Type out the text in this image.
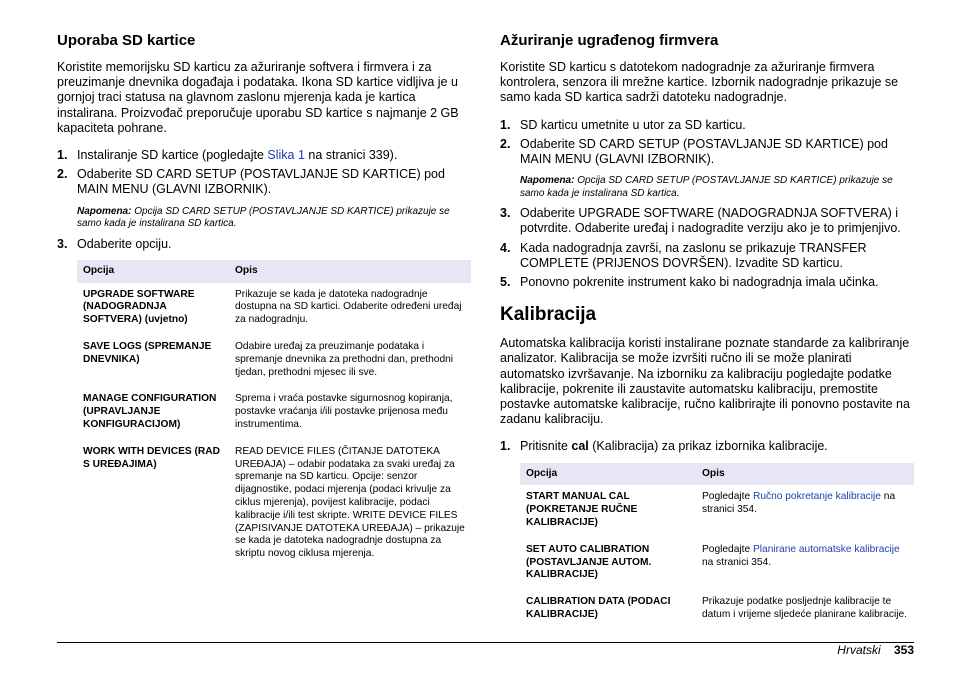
Uporaba SD kartice

Koristite memorijsku SD karticu za ažuriranje softvera i firmvera i za preuzimanje dnevnika događaja i podataka. Ikona SD kartice vidljiva je u gornjoj traci statusa na glavnom zaslonu mjerenja kada je kartica instalirana. Proizvođač preporučuje uporabu SD kartice s najmanje 2 GB kapaciteta pohrane.

1. Instaliranje SD kartice (pogledajte Slika 1 na stranici 339).
2. Odaberite SD CARD SETUP (POSTAVLJANJE SD KARTICE) pod MAIN MENU (GLAVNI IZBORNIK).
Napomena: Opcija SD CARD SETUP (POSTAVLJANJE SD KARTICE) prikazuje se samo kada je instalirana SD kartica.
3. Odaberite opciju.
Opcija	Opis
UPGRADE SOFTWARE (NADOGRADNJA SOFTVERA) (uvjetno)	Prikazuje se kada je datoteka nadogradnje dostupna na SD kartici. Odaberite određeni uređaj za nadogradnju.
SAVE LOGS (SPREMANJE DNEVNIKA)	Odabire uređaj za preuzimanje podataka i spremanje dnevnika za prethodni dan, prethodni tjedan, prethodni mjesec ili sve.
MANAGE CONFIGURATION (UPRAVLJANJE KONFIGURACIJOM)	Sprema i vraća postavke sigurnosnog kopiranja, postavke vraćanja i/ili postavke prijenosa među instrumentima.
WORK WITH DEVICES (RAD S UREĐAJIMA)	READ DEVICE FILES (ČITANJE DATOTEKA UREĐAJA) – odabir podataka za svaki uređaj za spremanje na SD karticu. Opcije: senzor dijagnostike, podaci mjerenja (podaci krivulje za ciklus mjerenja), povijest kalibracije, podaci kalibracije i/ili test skripte. WRITE DEVICE FILES (ZAPISIVANJE DATOTEKA UREĐAJA) – prikazuje se kada je datoteka nadogradnje dostupna za skriptu novog ciklusa mjerenja.
Ažuriranje ugrađenog firmvera

Koristite SD karticu s datotekom nadogradnje za ažuriranje firmvera kontrolera, senzora ili mrežne kartice. Izbornik nadogradnje prikazuje se samo kada SD kartica sadrži datoteku nadogradnje.

1. SD karticu umetnite u utor za SD karticu.
2. Odaberite SD CARD SETUP (POSTAVLJANJE SD KARTICE) pod MAIN MENU (GLAVNI IZBORNIK).
Napomena: Opcija SD CARD SETUP (POSTAVLJANJE SD KARTICE) prikazuje se samo kada je instalirana SD kartica.
3. Odaberite UPGRADE SOFTWARE (NADOGRADNJA SOFTVERA) i potvrdite. Odaberite uređaj i nadogradite verziju ako je to primjenjivo.
4. Kada nadogradnja završi, na zaslonu se prikazuje TRANSFER COMPLETE (PRIJENOS DOVRŠEN). Izvadite SD karticu.
5. Ponovno pokrenite instrument kako bi nadogradnja imala učinka.
Kalibracija

Automatska kalibracija koristi instalirane poznate standarde za kalibriranje analizator. Kalibracija se može izvršiti ručno ili se može planirati automatsko izvršavanje. Na izborniku za kalibraciju pogledajte podatke kalibracije, pokrenite ili zaustavite automatsku kalibraciju, premostite postavke automatske kalibracije, ručno kalibrirajte ili ponovno postavite na zadanu kalibraciju.

1. Pritisnite cal (Kalibracija) za prikaz izbornika kalibracije.
Opcija	Opis
START MANUAL CAL (POKRETANJE RUČNE KALIBRACIJE)	Pogledajte Ručno pokretanje kalibracije na stranici 354.
SET AUTO CALIBRATION (POSTAVLJANJE AUTOM. KALIBRACIJE)	Pogledajte Planirane automatske kalibracije na stranici 354.
CALIBRATION DATA (PODACI KALIBRACIJE)	Prikazuje podatke posljednje kalibracije te datum i vrijeme sljedeće planirane kalibracije.
Hrvatski 353
